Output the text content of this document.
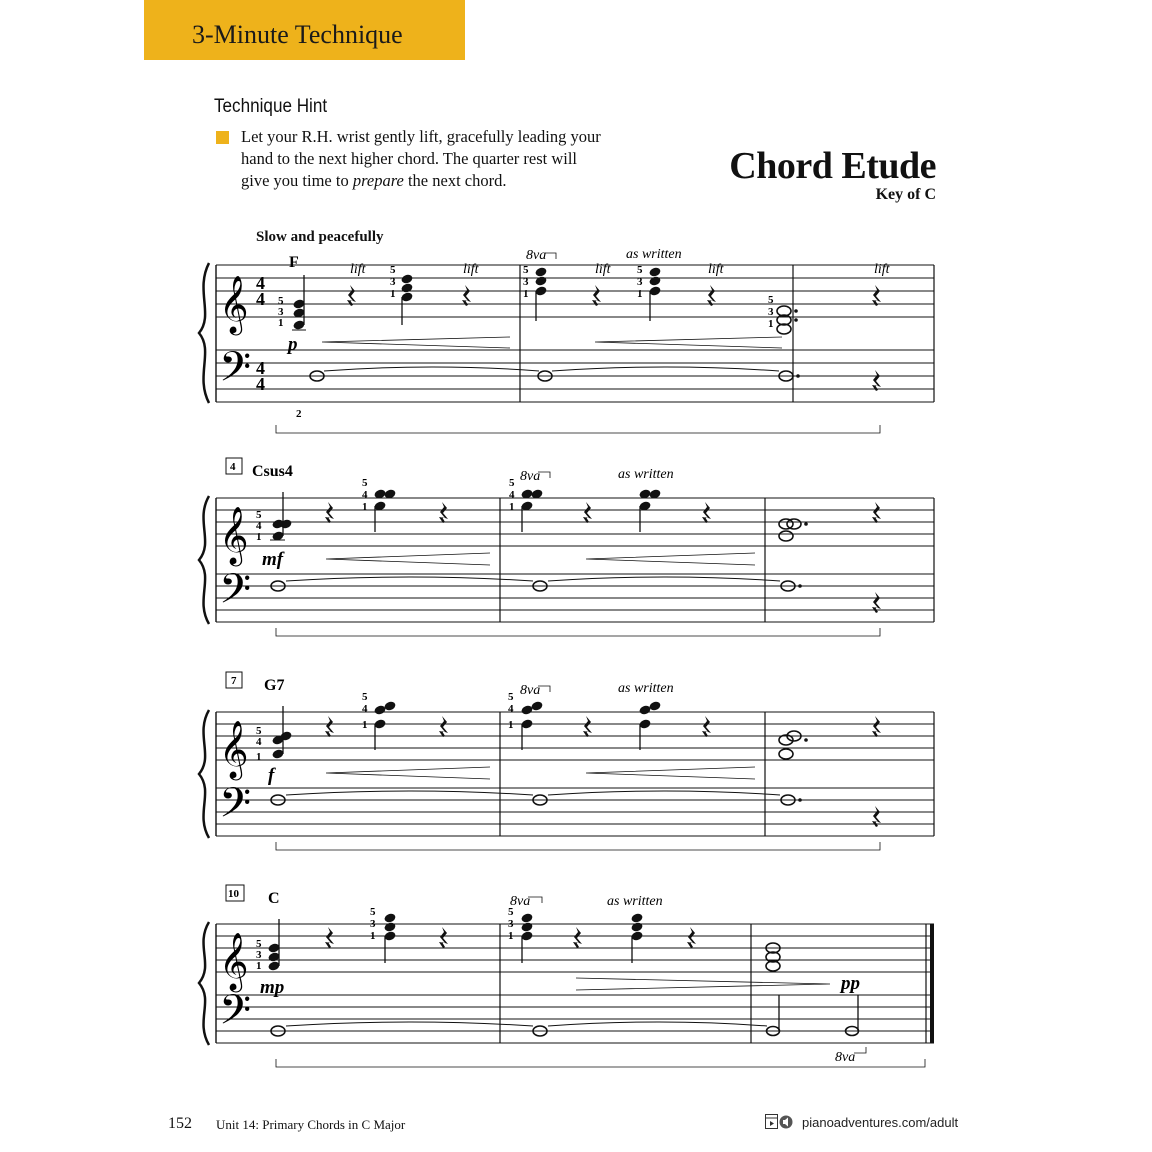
3-Minute Technique
Technique Hint
Let your R.H. wrist gently lift, gracefully leading your
hand to the next higher chord. The quarter rest will
give you time to prepare the next chord.	Chord Etude
Key of C
Slow and peacefully
𝄞
𝄢
4
4
4
4
F
5
3
1
5
3
1
5
3
1
5
3
1	5
3
1
lift	lift	lift	lift	lift
8va	as written
p
2
4
𝄞
𝄢
Csus4
5
4
1
5
4
1
5
4
1
8va	as written
mf
7
𝄞
𝄢
G7
5
4
1
5
4
1
5
4
1
8va	as written
f
10
𝄞
𝄢
C
5
3
1
5
3
1
5
3
1
8va	as written
mp	pp
8va
152 Unit 14: Primary Chords in C Major	pianoadventures.com/adult
